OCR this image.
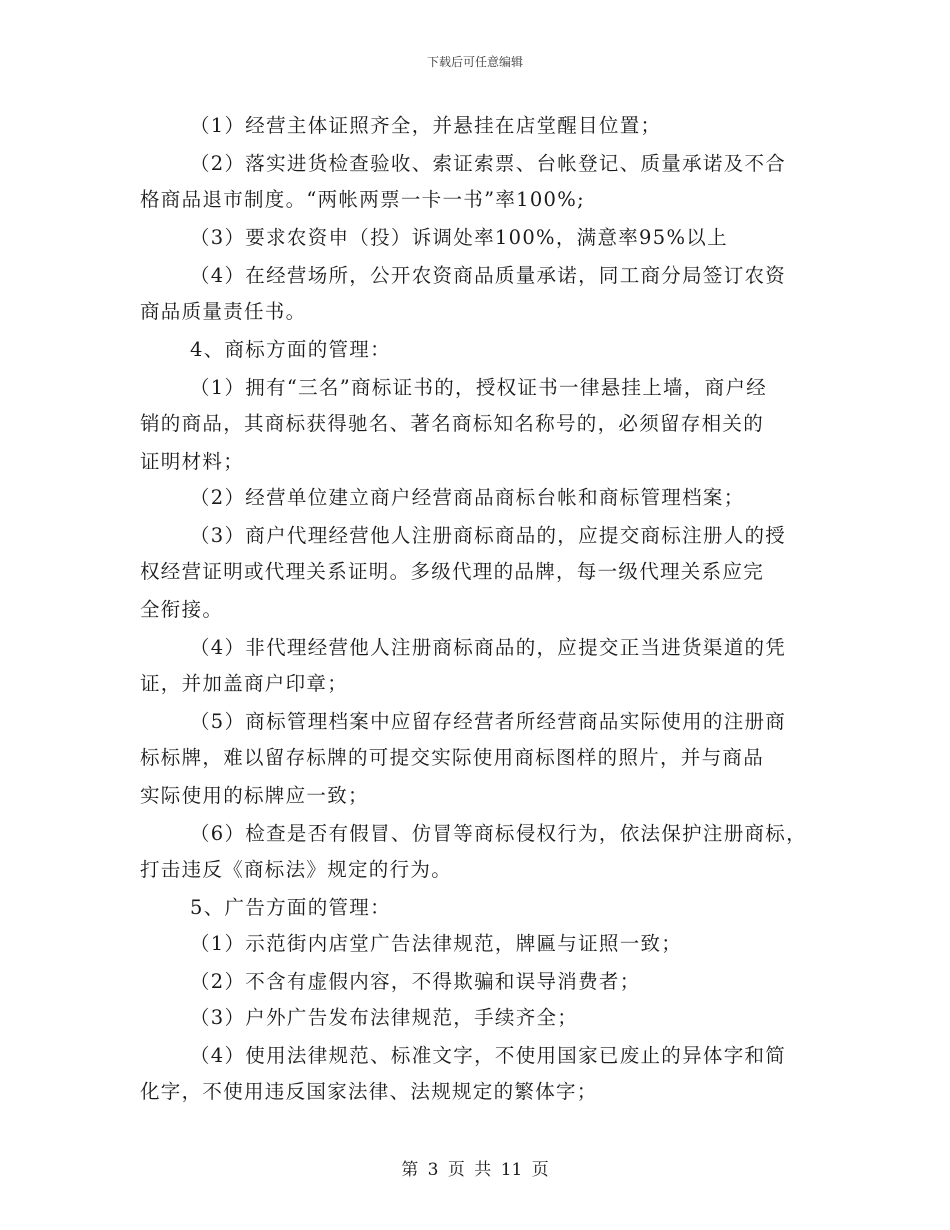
下载后可任意编辑
（1）经营主体证照齐全，并悬挂在店堂醒目位置；
（2）落实进货检查验收、索证索票、台帐登记、质量承诺及不合
格商品退市制度。“两帐两票一卡一书”率100%;
（3）要求农资申（投）诉调处率100%，满意率95%以上
（4）在经营场所，公开农资商品质量承诺，同工商分局签订农资
商品质量责任书。
4、商标方面的管理：
（1）拥有“三名”商标证书的，授权证书一律悬挂上墙，商户经
销的商品，其商标获得驰名、著名商标知名称号的，必须留存相关的
证明材料；
（2）经营单位建立商户经营商品商标台帐和商标管理档案；
（3）商户代理经营他人注册商标商品的，应提交商标注册人的授
权经营证明或代理关系证明。多级代理的品牌，每一级代理关系应完
全衔接。
（4）非代理经营他人注册商标商品的，应提交正当进货渠道的凭
证，并加盖商户印章；
（5）商标管理档案中应留存经营者所经营商品实际使用的注册商
标标牌，难以留存标牌的可提交实际使用商标图样的照片，并与商品
实际使用的标牌应一致；
（6）检查是否有假冒、仿冒等商标侵权行为，依法保护注册商标，
打击违反《商标法》规定的行为。
5、广告方面的管理：
（1）示范街内店堂广告法律规范，牌匾与证照一致；
（2）不含有虚假内容，不得欺骗和误导消费者；
（3）户外广告发布法律规范，手续齐全；
（4）使用法律规范、标准文字，不使用国家已废止的异体字和简
化字，不使用违反国家法律、法规规定的繁体字；
第 3 页 共 11 页
